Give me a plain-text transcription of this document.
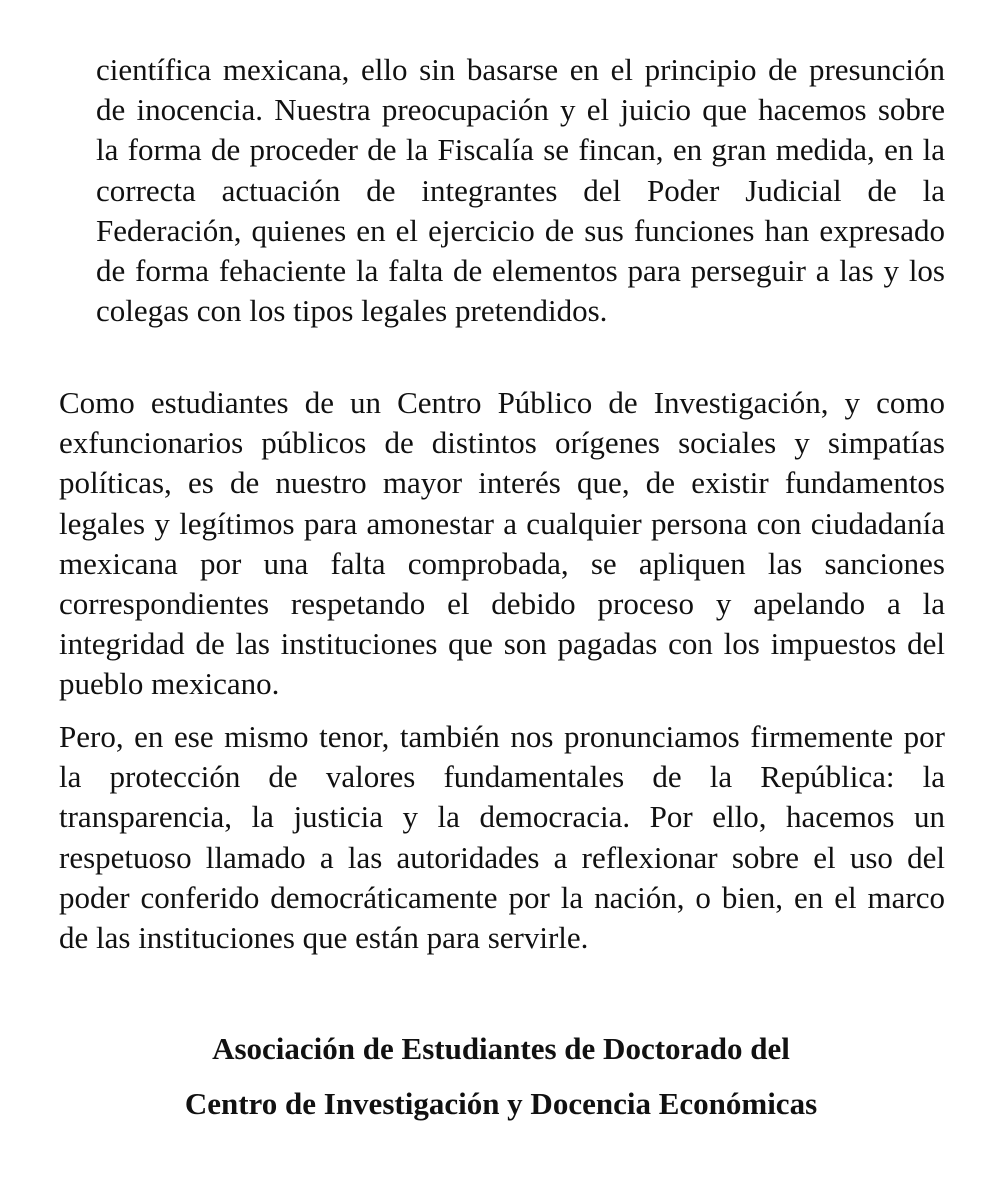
científica mexicana, ello sin basarse en el principio de presunción
de inocencia. Nuestra preocupación y el juicio que hacemos sobre
la forma de proceder de la Fiscalía se fincan, en gran medida, en la
correcta actuación de integrantes del Poder Judicial de la
Federación, quienes en el ejercicio de sus funciones han expresado
de forma fehaciente la falta de elementos para perseguir a las y los
colegas con los tipos legales pretendidos.
Como estudiantes de un Centro Público de Investigación, y como
exfuncionarios públicos de distintos orígenes sociales y simpatías
políticas, es de nuestro mayor interés que, de existir fundamentos
legales y legítimos para amonestar a cualquier persona con ciudadanía
mexicana por una falta comprobada, se apliquen las sanciones
correspondientes respetando el debido proceso y apelando a la
integridad de las instituciones que son pagadas con los impuestos del
pueblo mexicano.
Pero, en ese mismo tenor, también nos pronunciamos firmemente por
la protección de valores fundamentales de la República: la
transparencia, la justicia y la democracia. Por ello, hacemos un
respetuoso llamado a las autoridades a reflexionar sobre el uso del
poder conferido democráticamente por la nación, o bien, en el marco
de las instituciones que están para servirle.

Asociación de Estudiantes de Doctorado del

Centro de Investigación y Docencia Económicas
